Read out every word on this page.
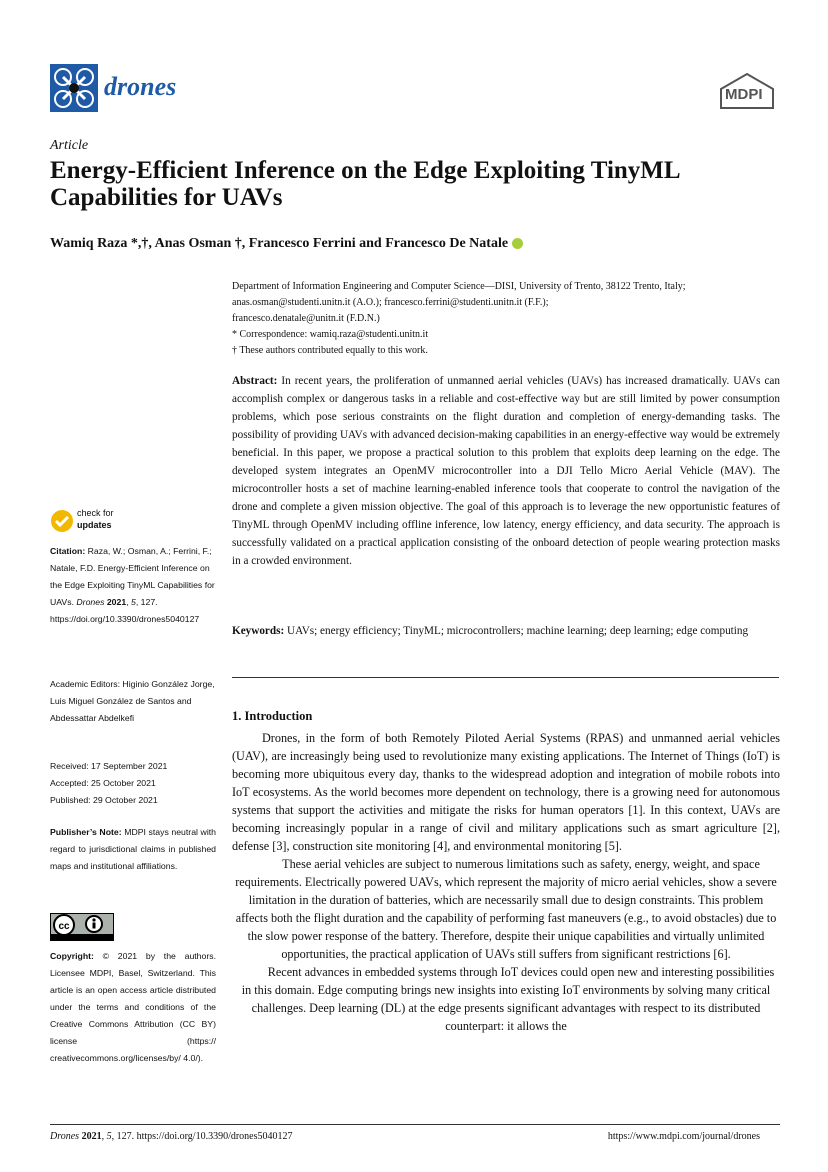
drones	MDPI
Article
Energy-Efficient Inference on the Edge Exploiting TinyML Capabilities for UAVs
Wamiq Raza *,†, Anas Osman †, Francesco Ferrini and Francesco De Natale
Department of Information Engineering and Computer Science—DISI, University of Trento, 38122 Trento, Italy;
anas.osman@studenti.unitn.it (A.O.); francesco.ferrini@studenti.unitn.it (F.F.);
francesco.denatale@unitn.it (F.D.N.)
* Correspondence: wamiq.raza@studenti.unitn.it
† These authors contributed equally to this work.
Abstract: In recent years, the proliferation of unmanned aerial vehicles (UAVs) has increased dramatically. UAVs can accomplish complex or dangerous tasks in a reliable and cost-effective way but are still limited by power consumption problems, which pose serious constraints on the flight duration and completion of energy-demanding tasks. The possibility of providing UAVs with advanced decision-making capabilities in an energy-effective way would be extremely beneficial. In this paper, we propose a practical solution to this problem that exploits deep learning on the edge. The developed system integrates an OpenMV microcontroller into a DJI Tello Micro Aerial Vehicle (MAV). The microcontroller hosts a set of machine learning-enabled inference tools that cooperate to control the navigation of the drone and complete a given mission objective. The goal of this approach is to leverage the new opportunistic features of TinyML through OpenMV including offline inference, low latency, energy efficiency, and data security. The approach is successfully validated on a practical application consisting of the onboard detection of people wearing protection masks in a crowded environment.
Keywords: UAVs; energy efficiency; TinyML; microcontrollers; machine learning; deep learning; edge computing
1. Introduction

Drones, in the form of both Remotely Piloted Aerial Systems (RPAS) and unmanned aerial vehicles (UAV), are increasingly being used to revolutionize many existing applications. The Internet of Things (IoT) is becoming more ubiquitous every day, thanks to the widespread adoption and integration of mobile robots into IoT ecosystems. As the world becomes more dependent on technology, there is a growing need for autonomous systems that support the activities and mitigate the risks for human operators [1]. In this context, UAVs are becoming increasingly popular in a range of civil and military applications such as smart agriculture [2], defense [3], construction site monitoring [4], and environmental monitoring [5].

These aerial vehicles are subject to numerous limitations such as safety, energy, weight, and space requirements. Electrically powered UAVs, which represent the majority of micro aerial vehicles, show a severe limitation in the duration of batteries, which are necessarily small due to design constraints. This problem affects both the flight duration and the capability of performing fast maneuvers (e.g., to avoid obstacles) due to the slow power response of the battery. Therefore, despite their unique capabilities and virtually unlimited opportunities, the practical application of UAVs still suffers from significant restrictions [6].

Recent advances in embedded systems through IoT devices could open new and interesting possibilities in this domain. Edge computing brings new insights into existing IoT environments by solving many critical challenges. Deep learning (DL) at the edge presents significant advantages with respect to its distributed counterpart: it allows the

check for
updates
Citation: Raza, W.; Osman, A.; Ferrini, F.; Natale, F.D. Energy-Efficient Inference on the Edge Exploiting TinyML Capabilities for UAVs. Drones 2021, 5, 127. https://doi.org/10.3390/drones5040127
Academic Editors: Higinio González Jorge, Luis Miguel González de Santos and Abdessattar Abdelkefi
Received: 17 September 2021
Accepted: 25 October 2021
Published: 29 October 2021
Publisher’s Note: MDPI stays neutral with regard to jurisdictional claims in published maps and institutional affiliations.
cc
Copyright: © 2021 by the authors. Licensee MDPI, Basel, Switzerland. This article is an open access article distributed under the terms and conditions of the Creative Commons Attribution (CC BY) license (https:// creativecommons.org/licenses/by/ 4.0/).
Drones 2021, 5, 127. https://doi.org/10.3390/drones5040127	https://www.mdpi.com/journal/drones
